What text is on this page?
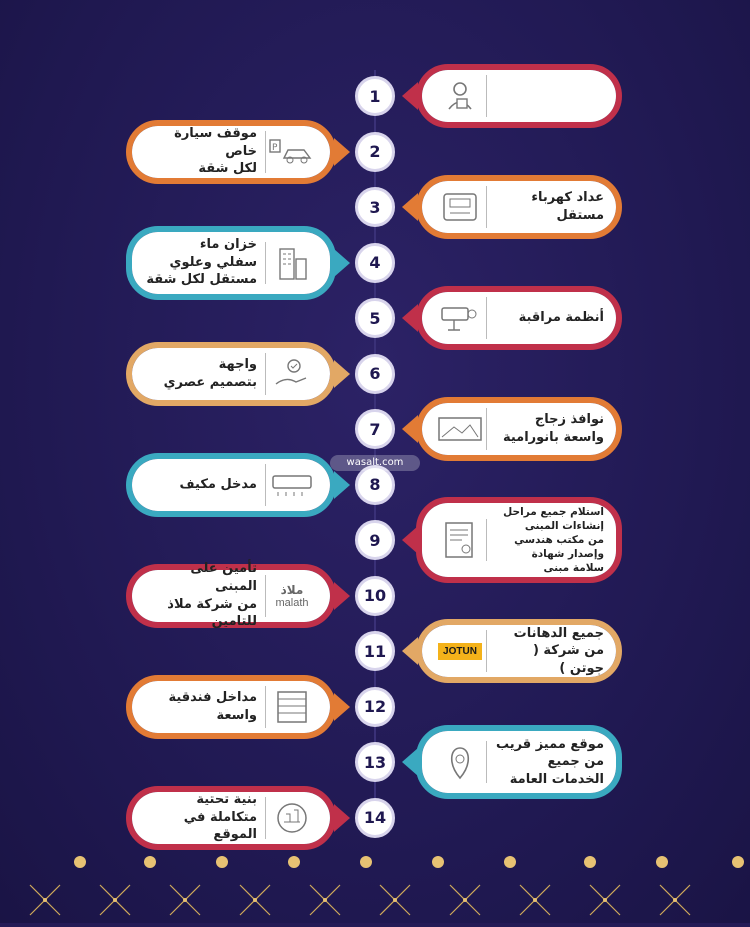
1
2
موقف سيارة خاص
لكل شقة
P
3	عداد كهرباء
مستقل
4
خزان ماء
سفلي وعلوي
مستقل لكل شقة
5	أنظمة مراقبة
6
واجهة
بتصميم عصري
7	نوافذ زجاج
واسعة بانورامية
8
مدخل مكيف
9
استلام جميع مراحل
إنشاءات المبنى
من مكتب هندسي
وإصدار شهادة
سلامة مبنى
10
تأمين على المبنى
من شركة ملاذ للتامين
ملاذ
malath
11	JOTUN
جميع الدهانات
من شركة ( جوتن )
12
مداخل فندقية واسعة
13
موقع مميز قريب
من جميع
الخدمات العامة
14
بنية تحتية
متكاملة في الموقع
wasalt.com
